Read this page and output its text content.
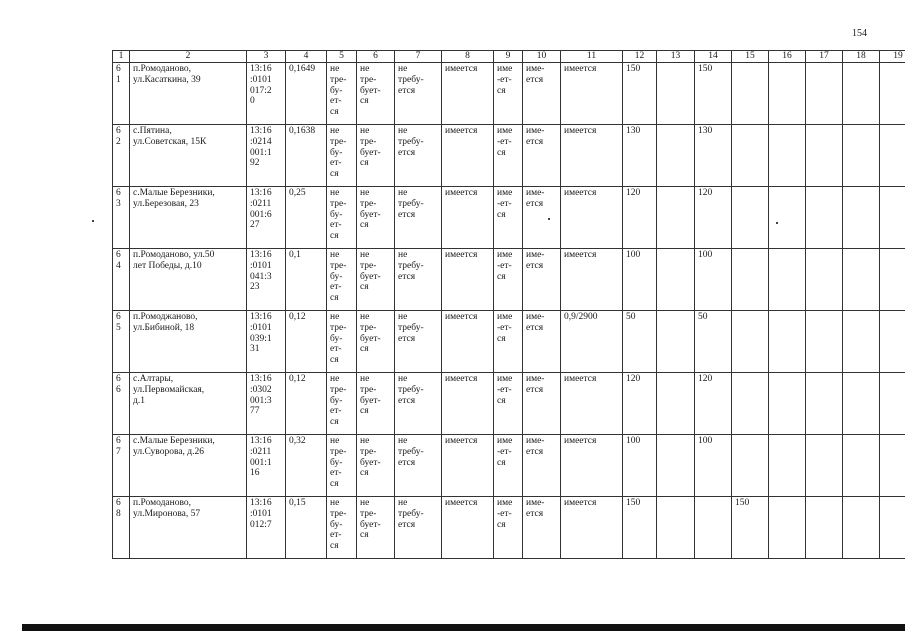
154
1	2	3	4	5	6	7	8	9	10	11	12	13	14	15	16	17	18	19
6
1	п.Ромоданово,
ул.Касаткина, 39	13:16
:0101
017:2
0	0,1649	не
тре-
бу-
ет-
ся	не
тре-
бует-
ся	не
требу-
ется	имеется	име
-ет-
ся	име-
ется	имеется	150		150					
6
2	с.Пятина,
ул.Советская, 15К	13:16
:0214
001:1
92	0,1638	не
тре-
бу-
ет-
ся	не
тре-
бует-
ся	не
требу-
ется	имеется	име
-ет-
ся	име-
ется	имеется	130		130					
6
3	с.Малые Березники,
ул.Березовая, 23	13:16
:0211
001:6
27	0,25	не
тре-
бу-
ет-
ся	не
тре-
бует-
ся	не
требу-
ется	имеется	име
-ет-
ся	име-
ется	имеется	120		120					
6
4	п.Ромоданово, ул.50
лет Победы, д.10	13:16
:0101
041:3
23	0,1	не
тре-
бу-
ет-
ся	не
тре-
бует-
ся	не
требу-
ется	имеется	име
-ет-
ся	име-
ется	имеется	100		100					
6
5	п.Ромоджаново,
ул.Бибиной, 18	13:16
:0101
039:1
31	0,12	не
тре-
бу-
ет-
ся	не
тре-
бует-
ся	не
требу-
ется	имеется	име
-ет-
ся	име-
ется	0,9/2900	50		50					
6
6	с.Алтары,
ул.Первомайская,
д.1	13:16
:0302
001:3
77	0,12	не
тре-
бу-
ет-
ся	не
тре-
бует-
ся	не
требу-
ется	имеется	име
-ет-
ся	име-
ется	имеется	120		120					
6
7	с.Малые Березники,
ул.Суворова, д.26	13:16
:0211
001:1
16	0,32	не
тре-
бу-
ет-
ся	не
тре-
бует-
ся	не
требу-
ется	имеется	име
-ет-
ся	име-
ется	имеется	100		100					
6
8	п.Ромоданово,
ул.Миронова, 57	13:16
:0101
012:7	0,15	не
тре-
бу-
ет-
ся	не
тре-
бует-
ся	не
требу-
ется	имеется	име
-ет-
ся	име-
ется	имеется	150			150				
